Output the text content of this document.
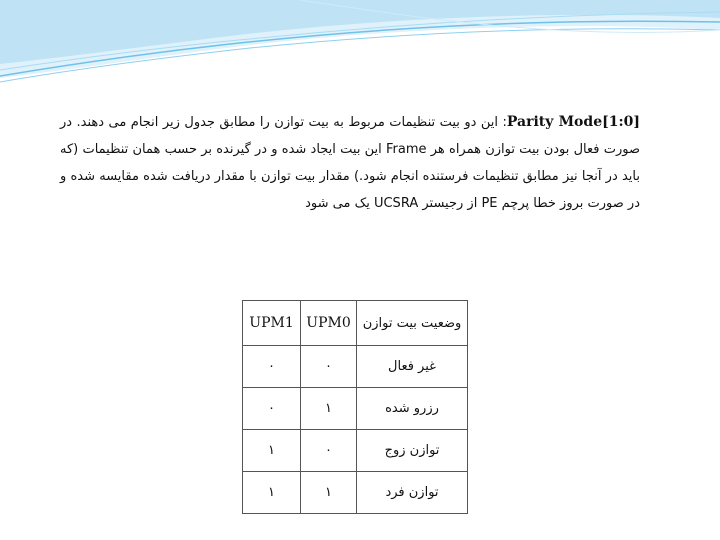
Parity Mode[1:0]: این دو بیت تنظیمات مربوط به بیت توازن را مطابق جدول زیر انجام می دهند. در صورت فعال بودن بیت توازن همراه هر Frame این بیت ایجاد شده و در گیرنده بر حسب همان تنظیمات (که باید در آنجا نیز مطابق تنظیمات فرستنده انجام شود.) مقدار بیت توازن با مقدار دریافت شده مقایسه شده و در صورت بروز خطا پرچم PE از رجیستر UCSRA یک می شود

UPM1	UPM0	وضعیت بیت توازن
۰	۰	غیر فعال
۰	۱	رزرو شده
۱	۰	توازن زوج
۱	۱	توازن فرد
